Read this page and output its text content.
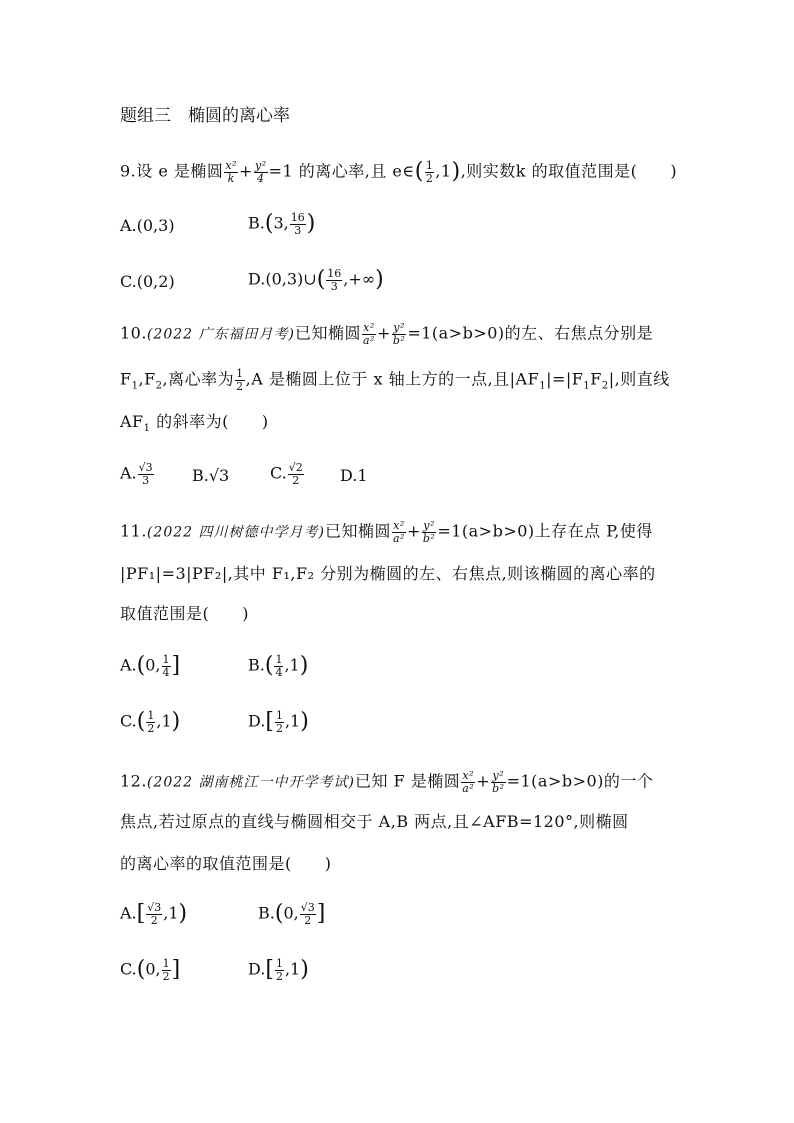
题组三　椭圆的离心率
9.设 e 是椭圆 $\frac{\text{x²}}{k} + \frac{\text{y²}}{4} =1$ 的离心率,且 e∈( $\frac{1}{2} ,1$),则实数k 的取值范围是(　　)
A.(0,3)	B.(3, $\frac{16}{3}$ )
C.(0,2)	D.(0,3)∪( $\frac{16}{3}$ ,+∞)
10.(2022 广东福田月考)已知椭圆 $\frac{\text{x²}}{\text{a²}} + \frac{\text{y²}}{\text{b²}} =1(a>b>0)$的左、右焦点分别是
$F_1,F_2$,离心率为 $\frac{1}{2} ,A$ 是椭圆上位于 x 轴上方的一点,且$|AF_1|=|F_1F_2|$,则直线
$AF_1$ 的斜率为(　　)
A. $\frac{√3}{3} B.√3$	C. $\frac{√2}{2} D.1$
11.(2022 四川树德中学月考)已知椭圆 $\frac{\text{x²}}{\text{a²}} + \frac{\text{y²}}{\text{b²}} =1(a>b>0)$上存在点 P,使得
|PF₁|=3|PF₂|,其中 F₁,F₂ 分别为椭圆的左、右焦点,则该椭圆的离心率的
取值范围是(　　)
A.(0, $\frac{1}{4}$ ]	$B.( \frac{1}{4} ,1)$
$C.( \frac{1}{2} ,1)$	$D.[ \frac{1}{2} ,1)$
12.(2022 湖南桃江一中开学考试)已知 F 是椭圆 $\frac{\text{x²}}{\text{a²}} + \frac{\text{y²}}{\text{b²}} =1(a>b>0)$的一个
焦点,若过原点的直线与椭圆相交于 A,B 两点,且∠AFB=120°,则椭圆
的离心率的取值范围是(　　)
$A.[ \frac{√3}{2} ,1)$	B.(0, $\frac{√3}{2}$ ]
C.(0, $\frac{1}{2}$ ]	$D.[ \frac{1}{2} ,1)$
